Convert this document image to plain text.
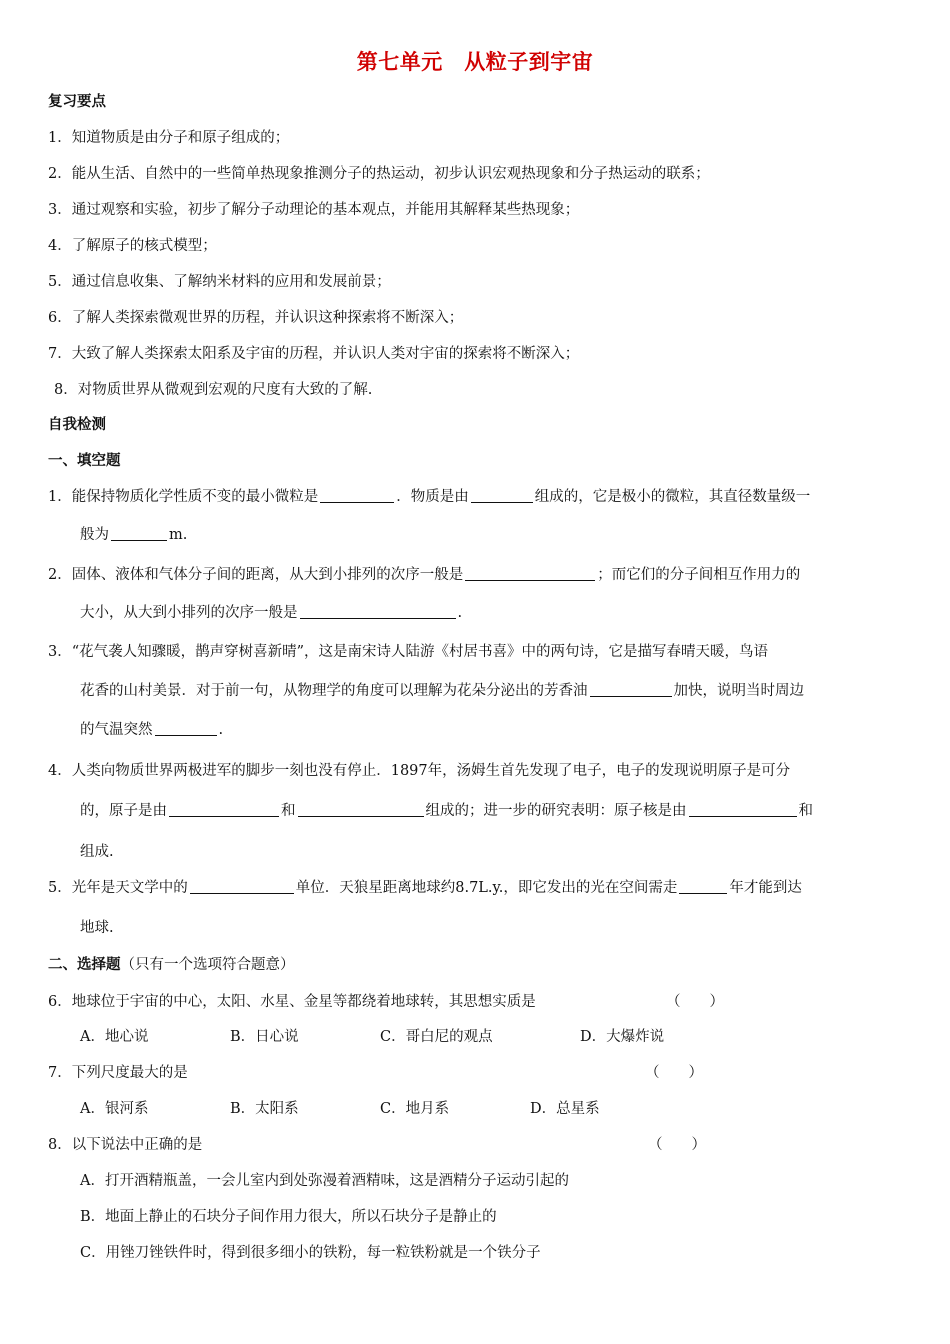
第七单元　从粒子到宇宙
复习要点
1．知道物质是由分子和原子组成的；
2．能从生活、自然中的一些简单热现象推测分子的热运动，初步认识宏观热现象和分子热运动的联系；
3．通过观察和实验，初步了解分子动理论的基本观点，并能用其解释某些热现象；
4．了解原子的核式模型；
5．通过信息收集、了解纳米材料的应用和发展前景；
6．了解人类探索微观世界的历程，并认识这种探索将不断深入；
7．大致了解人类探索太阳系及宇宙的历程，并认识人类对宇宙的探索将不断深入；
8．对物质世界从微观到宏观的尺度有大致的了解.
自我检测
一、填空题
1．能保持物质化学性质不变的最小微粒是	．物质是由	组成的，它是极小的微粒，其直径数量级一
般为	m.
2．固体、液体和气体分子间的距离，从大到小排列的次序一般是	；而它们的分子间相互作用力的
大小，从大到小排列的次序一般是	.
3．“花气袭人知骤暖，鹊声穿树喜新晴”，这是南宋诗人陆游《村居书喜》中的两句诗，它是描写春晴天暖，鸟语
花香的山村美景．对于前一句，从物理学的角度可以理解为花朵分泌出的芳香油	加快，说明当时周边
的气温突然	.
4．人类向物质世界两极进军的脚步一刻也没有停止．1897年，汤姆生首先发现了电子，电子的发现说明原子是可分
的，原子是由	和	组成的；进一步的研究表明：原子核是由	和
组成.
5．光年是天文学中的	单位．天狼星距离地球约8.7L.y.，即它发出的光在空间需走	年才能到达
地球.
二、选择题（只有一个选项符合题意）
6．地球位于宇宙的中心，太阳、水星、金星等都绕着地球转，其思想实质是	（　　）
A．地心说	B．日心说	C．哥白尼的观点	D．大爆炸说
7．下列尺度最大的是	（　　）
A．银河系	B．太阳系	C．地月系	D．总星系
8．以下说法中正确的是	（　　）
A．打开酒精瓶盖，一会儿室内到处弥漫着酒精味，这是酒精分子运动引起的
B．地面上静止的石块分子间作用力很大，所以石块分子是静止的
C．用锉刀锉铁件时，得到很多细小的铁粉，每一粒铁粉就是一个铁分子
